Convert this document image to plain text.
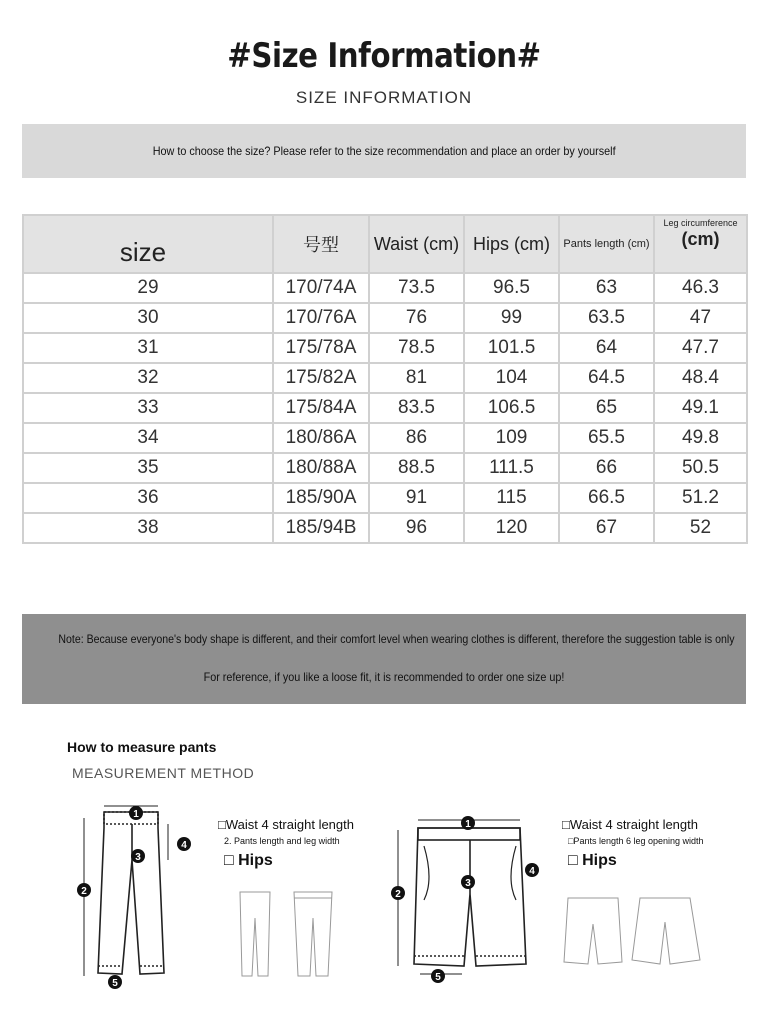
#Size Information#
SIZE INFORMATION
How to choose the size? Please refer to the size recommendation and place an order by yourself
size	号型	Waist (cm)	Hips (cm)	Pants length (cm)	Leg circumference
(cm)

29	170/74A	73.5	96.5	63	46.3
30	170/76A	76	99	63.5	47
31	175/78A	78.5	101.5	64	47.7
32	175/82A	81	104	64.5	48.4
33	175/84A	83.5	106.5	65	49.1
34	180/86A	86	109	65.5	49.8
35	180/88A	88.5	111.5	66	50.5
36	185/90A	91	115	66.5	51.2
38	185/94B	96	120	67	52
Note: Because everyone's body shape is different, and their comfort level when wearing clothes is different, therefore the suggestion table is only
For reference, if you like a loose fit, it is recommended to order one size up!
How to measure pants
MEASUREMENT METHOD
1
2
3
4
5
□Waist 4 straight length
2. Pants length and leg width
□ Hips
1
2
3
4
5
□Waist 4 straight length
□Pants length 6 leg opening width
□ Hips
